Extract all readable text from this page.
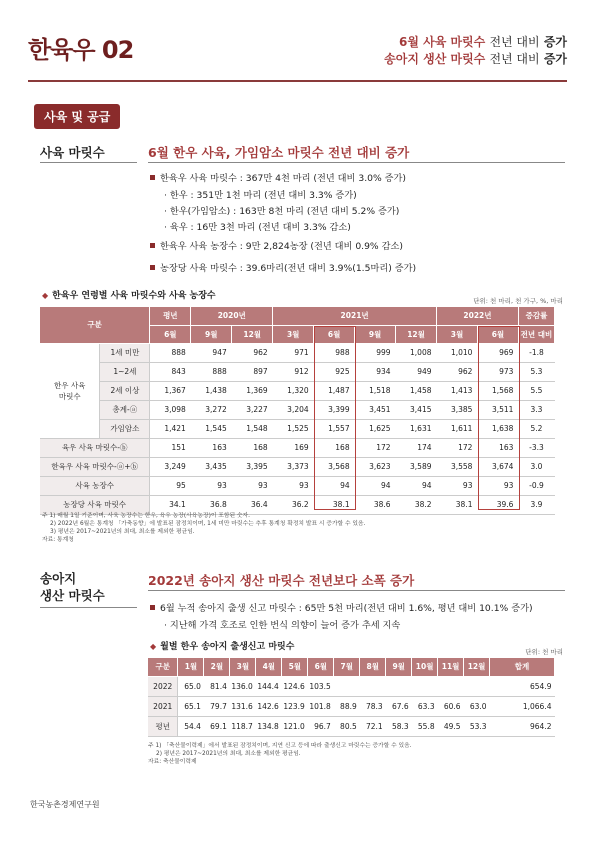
한육우 02	6월 사육 마릿수 전년 대비 증가
송아지 생산 마릿수 전년 대비 증가
사육 및 공급
사육 마릿수	6월 한우 사육, 가임암소 마릿수 전년 대비 증가
한육우 사육 마릿수 : 367만 4천 마리 (전년 대비 3.0% 증가)
· 한우 : 351만 1천 마리 (전년 대비 3.3% 증가)
· 한우(가임암소) : 163만 8천 마리 (전년 대비 5.2% 증가)
· 육우 : 16만 3천 마리 (전년 대비 3.3% 감소)
한육우 사육 농장수 : 9만 2,824농장 (전년 대비 0.9% 감소)
농장당 사육 마릿수 : 39.6마리(전년 대비 3.9%(1.5마리) 증가)
◆ 한육우 연령별 사육 마릿수와 사육 농장수	단위: 천 마리, 천 가구, %, 마리
구분		평년	2020년		2021년				2022년		증감률
		6월	9월	12월	3월	6월	9월	12월	3월	6월	전년 대비
한우 사육 마릿수	1세 미만	888	947	962	971	988	999	1,008	1,010	969	-1.8
	1~2세	843	888	897	912	925	934	949	962	973	5.3
	2세 이상	1,367	1,438	1,369	1,320	1,487	1,518	1,458	1,413	1,568	5.5
	총계-ⓐ	3,098	3,272	3,227	3,204	3,399	3,451	3,415	3,385	3,511	3.3
	가임암소	1,421	1,545	1,548	1,525	1,557	1,625	1,631	1,611	1,638	5.2
육우 사육 마릿수-ⓑ		151	163	168	169	168	172	174	172	163	-3.3
한육우 사육 마릿수-ⓐ+ⓑ		3,249	3,435	3,395	3,373	3,568	3,623	3,589	3,558	3,674	3.0
사육 농장수		95	93	93	93	94	94	94	93	93	-0.9
농장당 사육 마릿수		34.1	36.8	36.4	36.2	38.1	38.6	38.2	38.1	39.6	3.9
주 1) 매월 1일 기준이며, 사육 농장수는 한우, 육우 농장(사육농장)이 포함된 숫자.
2) 2022년 6월은 통계청 「가축동향」에 발표된 잠정치이며, 1세 미만 마릿수는 추후 통계청 확정치 발표 시 증가할 수 있음.
3) 평년은 2017~2021년의 최대, 최소를 제외한 평균임.
자료: 통계청
송아지
생산 마릿수
2022년 송아지 생산 마릿수 전년보다 소폭 증가
6월 누적 송아지 출생 신고 마릿수 : 65만 5천 마리(전년 대비 1.6%, 평년 대비 10.1% 증가)
· 지난해 가격 호조로 인한 번식 의향이 늘어 증가 추세 지속
◆ 월별 한우 송아지 출생신고 마릿수	단위: 천 마리
구분	1월	2월	3월	4월	5월	6월	7월	8월	9월	10월	11월	12월	합계
2022	65.0	81.4	136.0	144.4	124.6	103.5							654.9
2021	65.1	79.7	131.6	142.6	123.9	101.8	88.9	78.3	67.6	63.3	60.6	63.0	1,066.4
평년	54.4	69.1	118.7	134.8	121.0	96.7	80.5	72.1	58.3	55.8	49.5	53.3	964.2
주 1) 「축산물이력제」에서 발표된 잠정치이며, 지연 신고 등에 따라 출생신고 마릿수는 증가할 수 있음.
2) 평년은 2017~2021년의 최대, 최소를 제외한 평균임.
자료: 축산물이력제
한국농촌경제연구원
